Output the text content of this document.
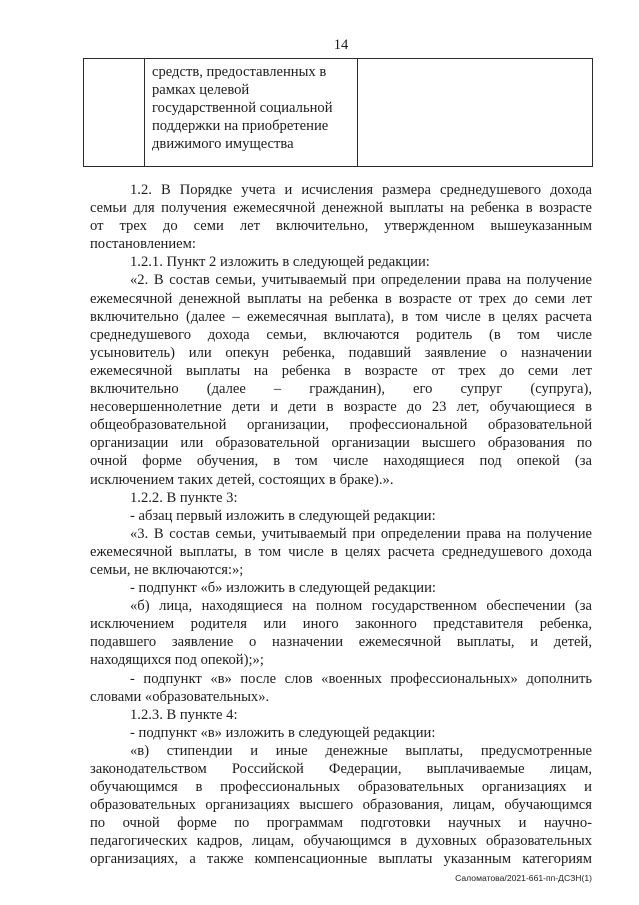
14

средств, предоставленных в
рамках целевой
государственной социальной
поддержки на приобретение
движимого имущества

1.2. В Порядке учета и исчисления размера среднедушевого дохода
семьи для получения ежемесячной денежной выплаты на ребенка в возрасте
от трех до семи лет включительно, утвержденном вышеуказанным
постановлением:
1.2.1. Пункт 2 изложить в следующей редакции:
«2. В состав семьи, учитываемый при определении права на получение
ежемесячной денежной выплаты на ребенка в возрасте от трех до семи лет
включительно (далее – ежемесячная выплата), в том числе в целях расчета
среднедушевого дохода семьи, включаются родитель (в том числе
усыновитель) или опекун ребенка, подавший заявление о назначении
ежемесячной выплаты на ребенка в возрасте от трех до семи лет
включительно (далее – гражданин), его супруг (супруга),
несовершеннолетние дети и дети в возрасте до 23 лет, обучающиеся в
общеобразовательной организации, профессиональной образовательной
организации или образовательной организации высшего образования по
очной форме обучения, в том числе находящиеся под опекой (за
исключением таких детей, состоящих в браке).».
1.2.2. В пункте 3:
- абзац первый изложить в следующей редакции:
«3. В состав семьи, учитываемый при определении права на получение
ежемесячной выплаты, в том числе в целях расчета среднедушевого дохода
семьи, не включаются:»;
- подпункт «б» изложить в следующей редакции:
«б) лица, находящиеся на полном государственном обеспечении (за
исключением родителя или иного законного представителя ребенка,
подавшего заявление о назначении ежемесячной выплаты, и детей,
находящихся под опекой);»;
- подпункт «в» после слов «военных профессиональных» дополнить
словами «образовательных».
1.2.3. В пункте 4:
- подпункт «в» изложить в следующей редакции:
«в) стипендии и иные денежные выплаты, предусмотренные
законодательством Российской Федерации, выплачиваемые лицам,
обучающимся в профессиональных образовательных организациях и
образовательных организациях высшего образования, лицам, обучающимся
по очной форме по программам подготовки научных и научно-
педагогических кадров, лицам, обучающимся в духовных образовательных
организациях, а также компенсационные выплаты указанным категориям
Саломатова/2021-661-пп-ДСЗН(1)
